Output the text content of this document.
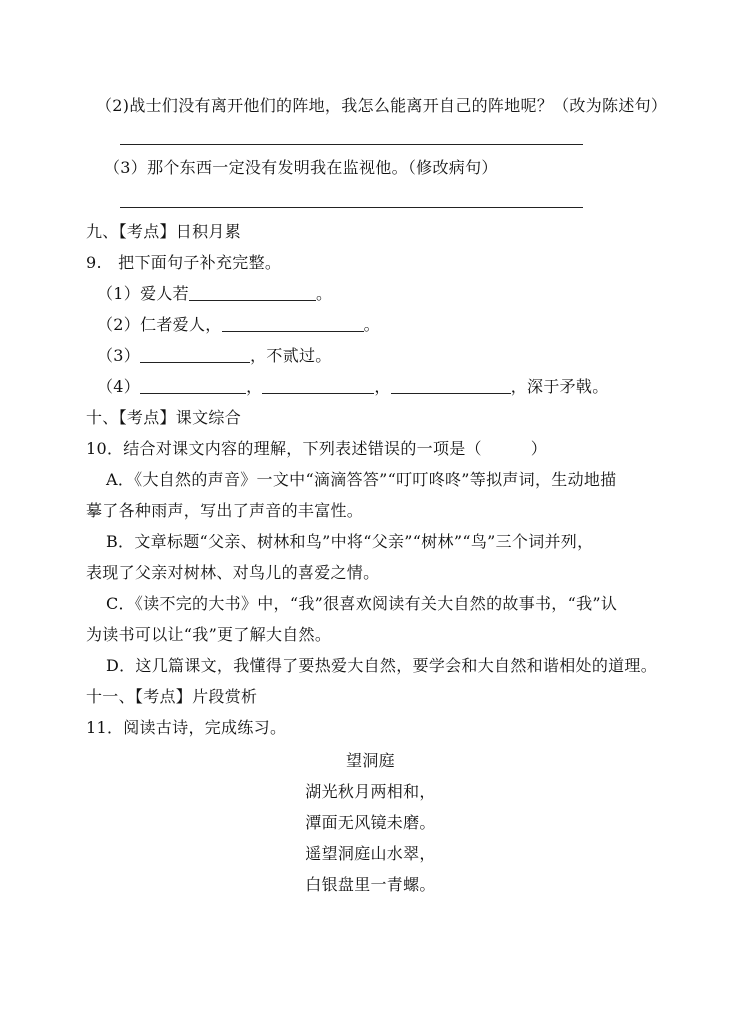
（2)战士们没有离开他们的阵地，我怎么能离开自己的阵地呢？（改为陈述句）
（3）那个东西一定没有发明我在监视他。（修改病句）
九、【考点】日积月累
9.　把下面句子补充完整。
（1）爱人若	。
（2）仁者爱人，	。
（3）	，不贰过。
（4）	，	，	，深于矛戟。
十、【考点】课文综合
10．结合对课文内容的理解，下列表述错误的一项是（　　　）
A．《大自然的声音》一文中“滴滴答答”“叮叮咚咚”等拟声词，生动地描
摹了各种雨声，写出了声音的丰富性。
B．文章标题“父亲、树林和鸟”中将“父亲”“树林”“鸟”三个词并列，
表现了父亲对树林、对鸟儿的喜爱之情。
C．《读不完的大书》中，“我”很喜欢阅读有关大自然的故事书，“我”认
为读书可以让“我”更了解大自然。
D．这几篇课文，我懂得了要热爱大自然，要学会和大自然和谐相处的道理。
十一、【考点】片段赏析
11．阅读古诗，完成练习。
望洞庭
湖光秋月两相和，
潭面无风镜未磨。
遥望洞庭山水翠，
白银盘里一青螺。
